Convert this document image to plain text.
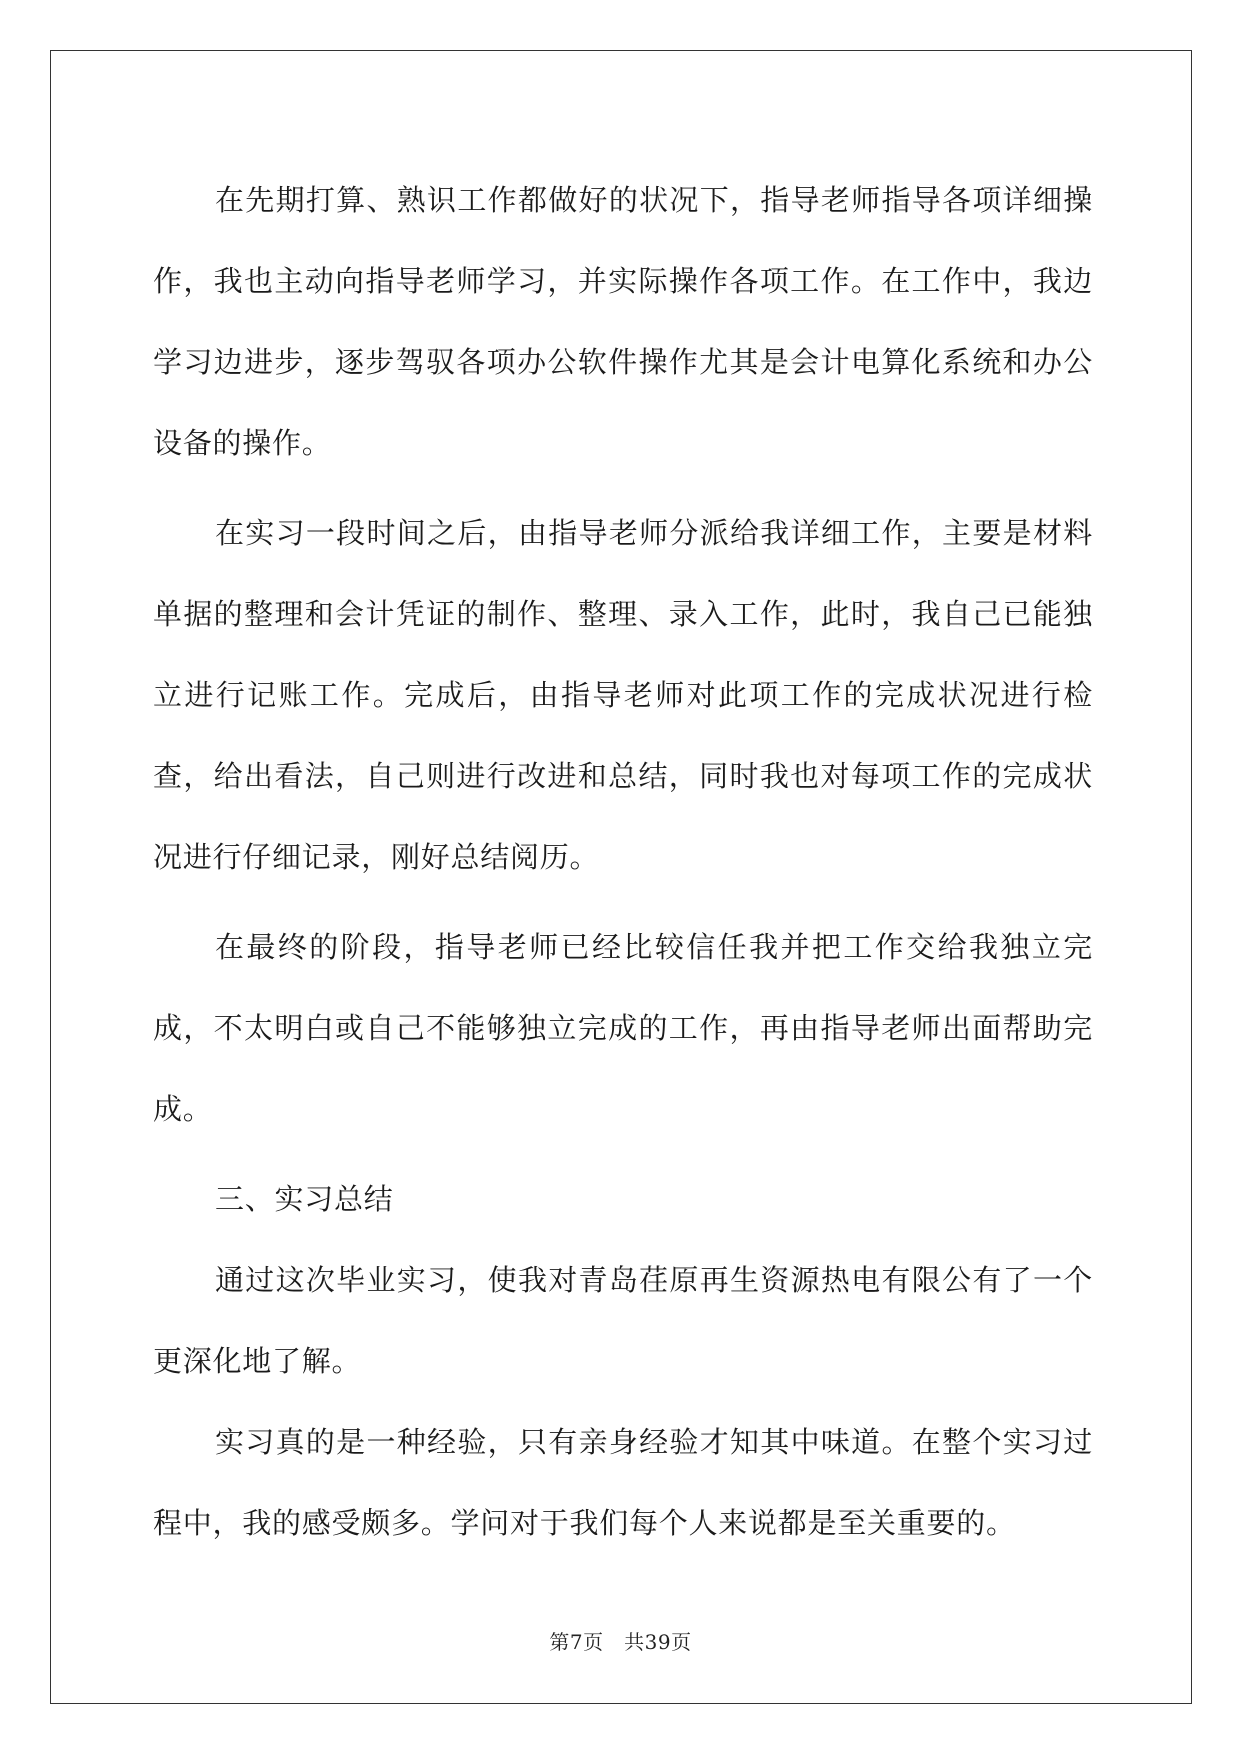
在先期打算、熟识工作都做好的状况下，指导老师指导各项详细操作，我也主动向指导老师学习，并实际操作各项工作。在工作中，我边学习边进步，逐步驾驭各项办公软件操作尤其是会计电算化系统和办公设备的操作。

在实习一段时间之后，由指导老师分派给我详细工作，主要是材料单据的整理和会计凭证的制作、整理、录入工作，此时，我自己已能独立进行记账工作。完成后，由指导老师对此项工作的完成状况进行检查，给出看法，自己则进行改进和总结，同时我也对每项工作的完成状况进行仔细记录，刚好总结阅历。

在最终的阶段，指导老师已经比较信任我并把工作交给我独立完成，不太明白或自己不能够独立完成的工作，再由指导老师出面帮助完成。

三、实习总结

通过这次毕业实习，使我对青岛荏原再生资源热电有限公有了一个更深化地了解。

实习真的是一种经验，只有亲身经验才知其中味道。在整个实习过程中，我的感受颇多。学问对于我们每个人来说都是至关重要的。

第7页　共39页
